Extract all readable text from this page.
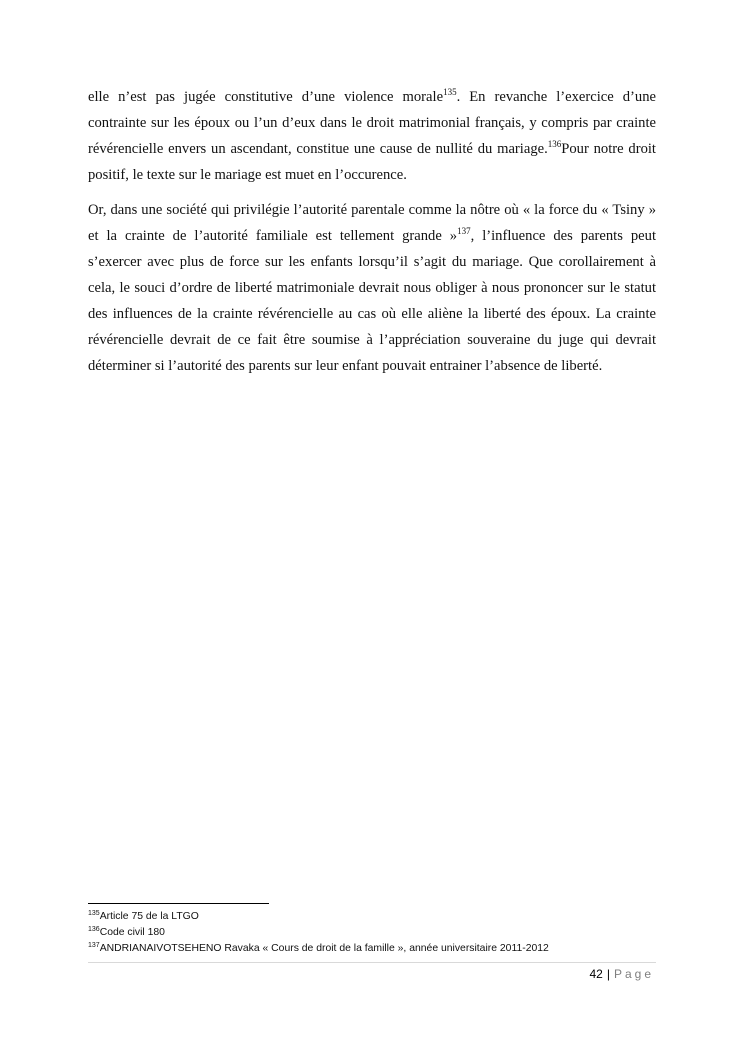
elle n’est pas jugée constitutive d’une violence morale$^{135}$. En revanche l’exercice d’une contrainte sur les époux ou l’un d’eux dans le droit matrimonial français, y compris par crainte révérencielle envers un ascendant, constitue une cause de nullité du mariage.$^{136}$Pour notre droit positif, le texte sur le mariage est muet en l’occurence.

Or, dans une société qui privilégie l’autorité parentale comme la nôtre où « la force du « Tsiny » et la crainte de l’autorité familiale est tellement grande »$^{137}$, l’influence des parents peut s’exercer avec plus de force sur les enfants lorsqu’il s’agit du mariage. Que corollairement à cela, le souci d’ordre de liberté matrimoniale devrait nous obliger à nous prononcer sur le statut des influences de la crainte révérencielle au cas où elle aliène la liberté des époux. La crainte révérencielle devrait de ce fait être soumise à l’appréciation souveraine du juge qui devrait déterminer si l’autorité des parents sur leur enfant pouvait entrainer l’absence de liberté.

$^{135}$Article 75 de la LTGO
$^{136}$Code civil 180
$^{137}$ANDRIANAIVOTSEHENO Ravaka « Cours de droit de la famille », année universitaire 2011-2012
42 | Page
